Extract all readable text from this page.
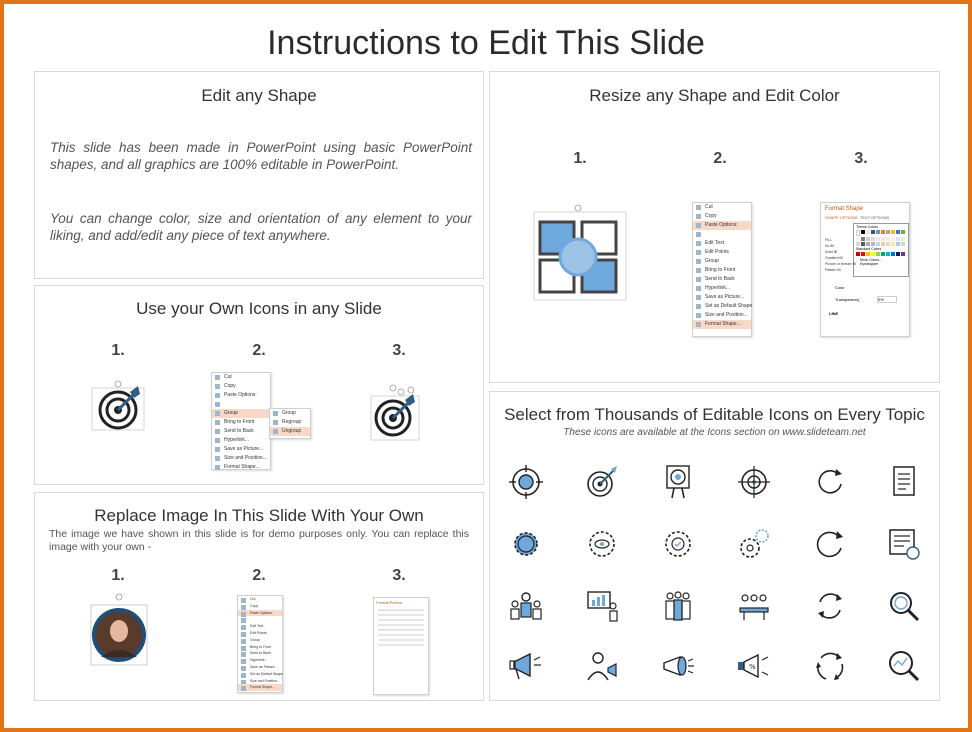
Instructions to Edit This Slide
Edit any Shape
This slide has been made in PowerPoint using basic PowerPoint shapes, and all graphics are 100% editable in PowerPoint.
You can change color, size and orientation of any element to your liking, and add/edit any piece of text anywhere.
Use your Own Icons in any Slide
1.	2.	3.
Cut
Copy
Paste Options:
Group
Bring to Front
Send to Back
Hyperlink...
Save as Picture...
Size and Position...
Format Shape...
Group
Regroup
Ungroup
Replace Image In This Slide With Your Own
The image we have shown in this slide is for demo purposes only. You can replace this image with your own -
1.	2.	3.
Cut
Copy
Paste Options:
Edit Text
Edit Points
Group
Bring to Front
Send to Back
Hyperlink...
Save as Picture...
Set as Default Shape
Size and Position...
Format Shape...
Format Picture
Resize any Shape and Edit Color
1.	2.	3.
Cut
Copy
Paste Options:
Edit Text
Edit Points
Group
Bring to Front
Send to Back
Hyperlink...
Save as Picture...
Set as Default Shape
Size and Position...
Format Shape...
Format Shape
SHAPE OPTIONS TEXT OPTIONS
Theme Colors
Standard Colors
More Colors...
Eyedropper
FILL
No fill
Solid fill
Gradient fill
Picture or texture fill
Pattern fill
Color
Transparency	0%
LINE
Select from Thousands of Editable Icons on Every Topic
These icons are available at the Icons section on www.slideteam.net
%
